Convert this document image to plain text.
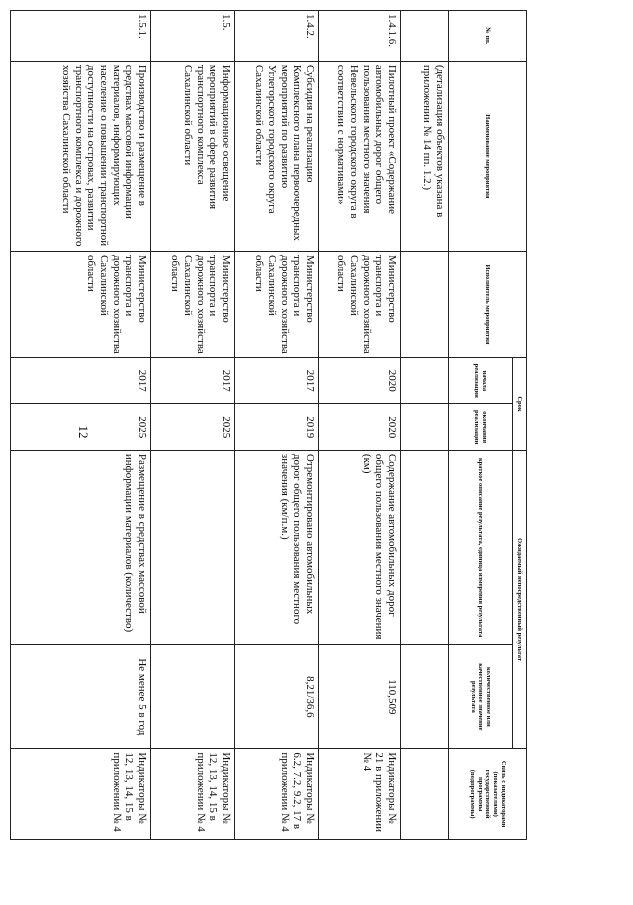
12
№ пп.	Наименование мероприятия	Исполнитель мероприятия	Срок		Ожидаемый непосредственный результат		Связь с индикаторами (показателями) государственной программы (подпрограммы)
			начала реализации	окончания реализации	краткое описание результата, единица измерения результата	количественное или качественное значение результата	
	(детализация объектов указана в приложении № 14 пп. 1.2.)						
1.4.1.6.	Пилотный проект «Содержание автомобильных дорог общего пользования местного значения Невельского городского округа в соответствии с нормативами»	Министерство транспорта и дорожного хозяйства Сахалинской области	2020	2020	Содержание автомобильных дорог общего пользования местного значения (км)	110,509	Индикаторы № 21 в приложении № 4
1.4.2.	Субсидия на реализацию Комплексного плана первоочередных мероприятий по развитию Углегорского городского округа Сахалинской области	Министерство транспорта и дорожного хозяйства Сахалинской области	2017	2019	Отремонтировано автомобильных дорог общего пользования местного значения (км/п.м.)	8,21/36,6	Индикаторы № 6.2, 7.2, 9.2, 17 в приложении № 4
1.5.	Информационное освещение мероприятий в сфере развития транспортного комплекса Сахалинской области	Министерство транспорта и дорожного хозяйства Сахалинской области	2017	2025			Индикаторы № 12, 13, 14, 15 в приложении № 4
1.5.1.	Производство и размещение в средствах массовой информации материалов, информирующих население о повышении транспортной доступности на островах, развитии транспортного комплекса и дорожного хозяйства Сахалинской области	Министерство транспорта и дорожного хозяйства Сахалинской области	2017	2025	Размещение в средствах массовой информации материалов (количество)	Не менее 5 в год	Индикаторы № 12, 13, 14, 15 в приложении № 4
